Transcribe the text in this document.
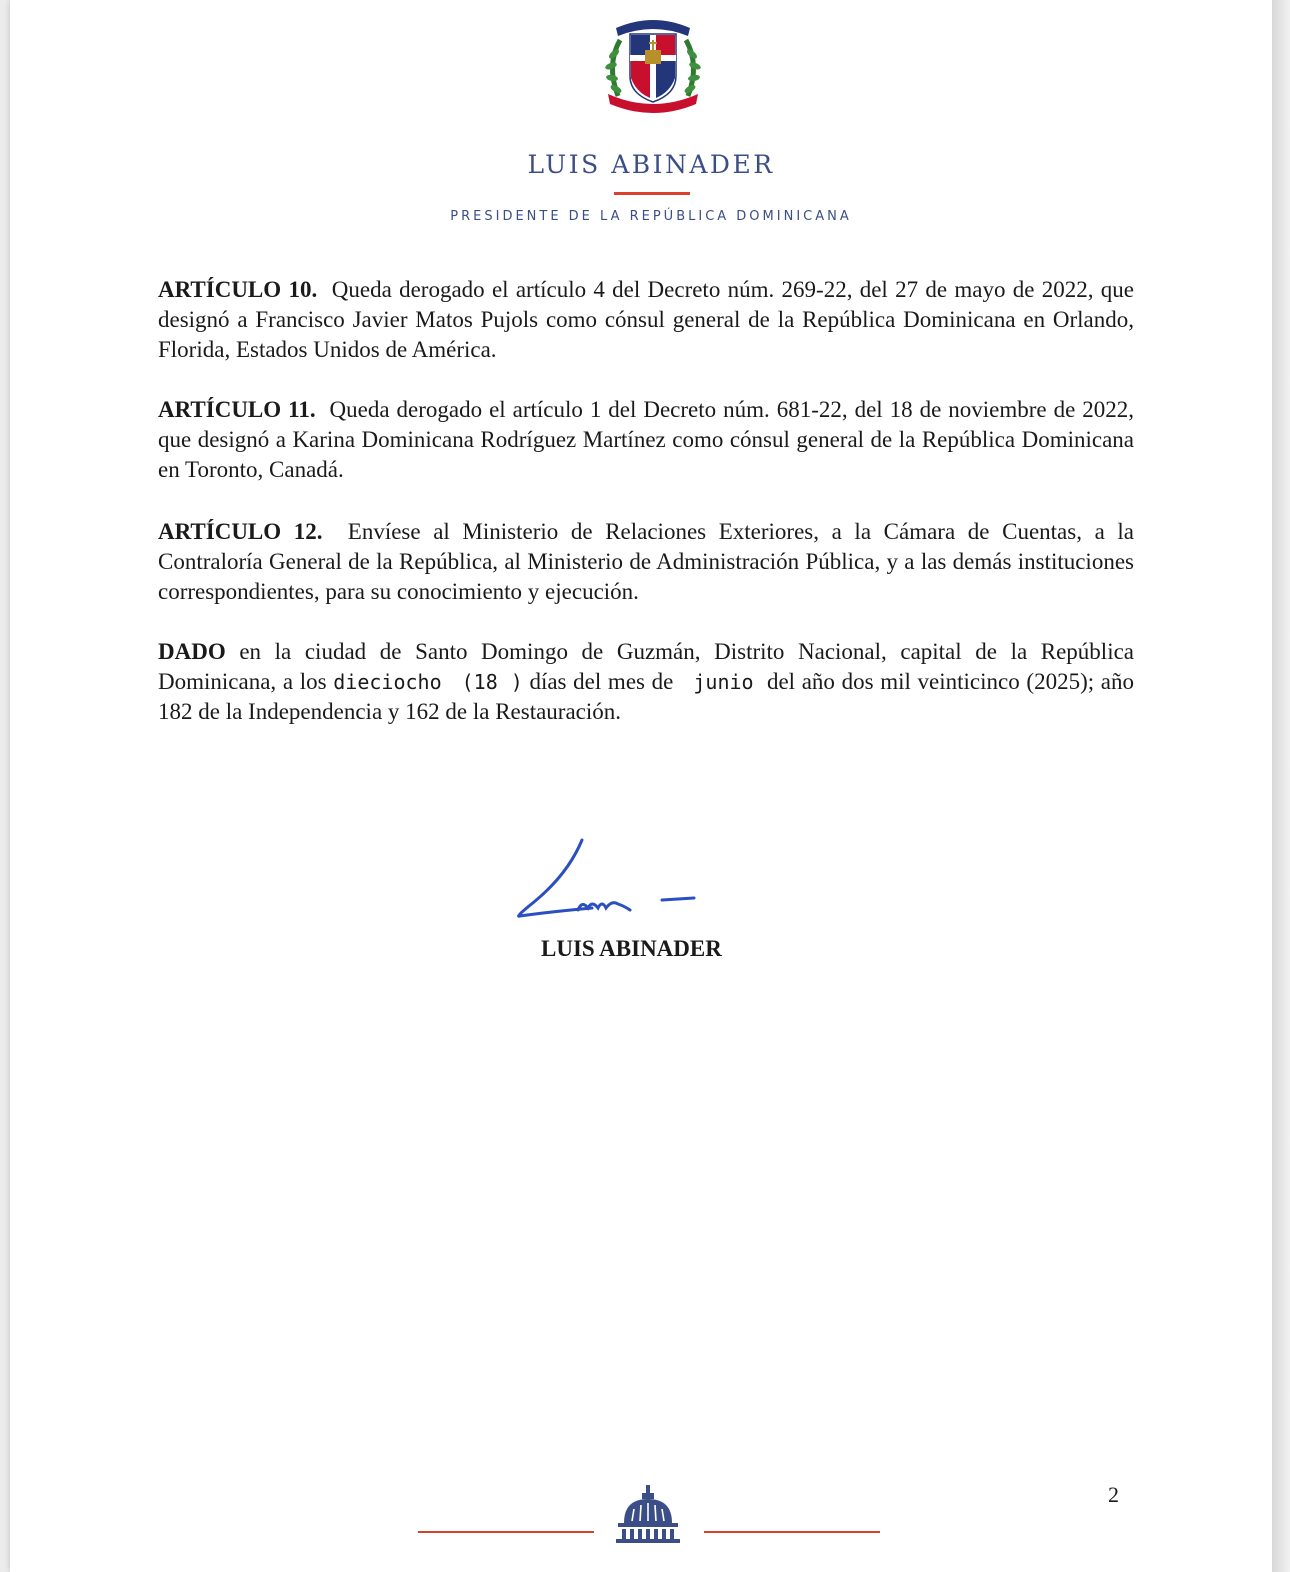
LUIS ABINADER
PRESIDENTE DE LA REPÚBLICA DOMINICANA
ARTÍCULO 10. Queda derogado el artículo 4 del Decreto núm. 269-22, del 27 de mayo de 2022, que designó a Francisco Javier Matos Pujols como cónsul general de la República Dominicana en Orlando, Florida, Estados Unidos de América.
ARTÍCULO 11. Queda derogado el artículo 1 del Decreto núm. 681-22, del 18 de noviembre de 2022, que designó a Karina Dominicana Rodríguez Martínez como cónsul general de la República Dominicana en Toronto, Canadá.
ARTÍCULO 12. Envíese al Ministerio de Relaciones Exteriores, a la Cámara de Cuentas, a la Contraloría General de la República, al Ministerio de Administración Pública, y a las demás instituciones correspondientes, para su conocimiento y ejecución.
DADO en la ciudad de Santo Domingo de Guzmán, Distrito Nacional, capital de la República Dominicana, a los dieciocho (18 ) días del mes de junio del año dos mil veinticinco (2025); año 182 de la Independencia y 162 de la Restauración.
LUIS ABINADER
2
